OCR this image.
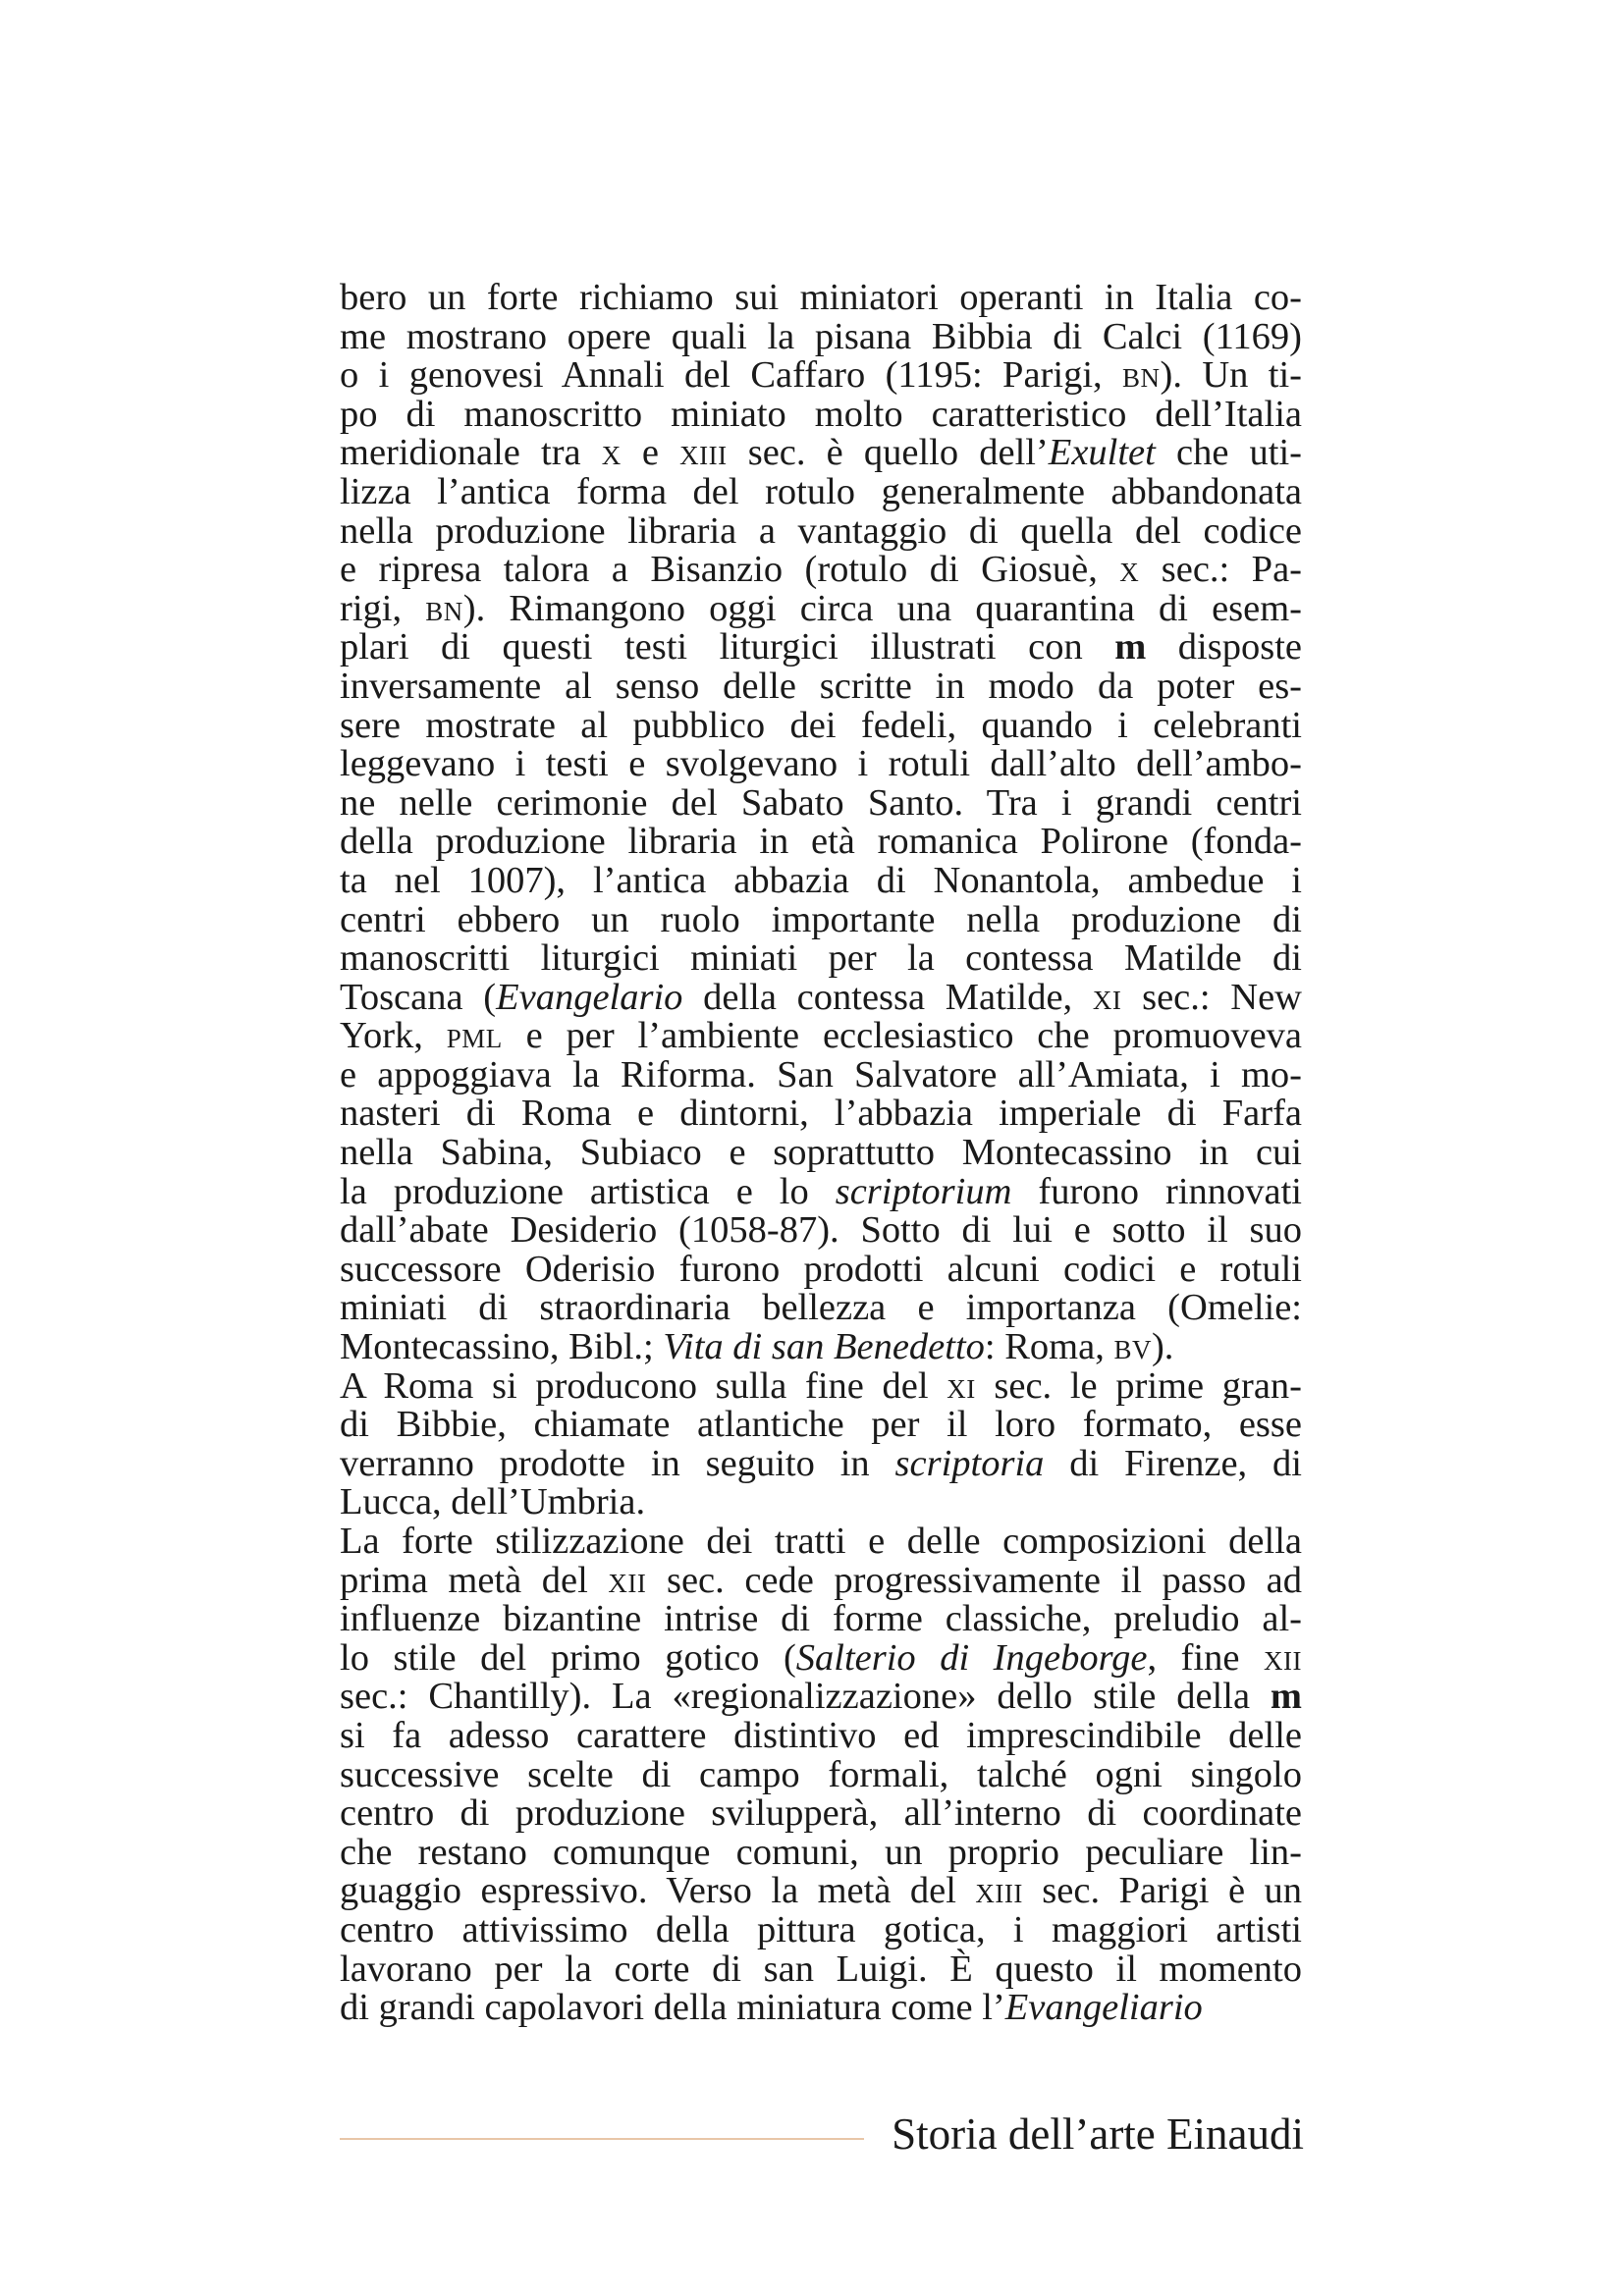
bero un forte richiamo sui miniatori operanti in Italia co-
me mostrano opere quali la pisana Bibbia di Calci (1169)
o i genovesi Annali del Caffaro (1195: Parigi, bn). Un ti-
po di manoscritto miniato molto caratteristico dell’Italia
meridionale tra x e xiii sec. è quello dell’Exultet che uti-
lizza l’antica forma del rotulo generalmente abbandonata
nella produzione libraria a vantaggio di quella del codice
e ripresa talora a Bisanzio (rotulo di Giosuè, x sec.: Pa-
rigi, bn). Rimangono oggi circa una quarantina di esem-
plari di questi testi liturgici illustrati con m disposte
inversamente al senso delle scritte in modo da poter es-
sere mostrate al pubblico dei fedeli, quando i celebranti
leggevano i testi e svolgevano i rotuli dall’alto dell’ambo-
ne nelle cerimonie del Sabato Santo. Tra i grandi centri
della produzione libraria in età romanica Polirone (fonda-
ta nel 1007), l’antica abbazia di Nonantola, ambedue i
centri ebbero un ruolo importante nella produzione di
manoscritti liturgici miniati per la contessa Matilde di
Toscana (Evangelario della contessa Matilde, xi sec.: New
York, pml e per l’ambiente ecclesiastico che promuoveva
e appoggiava la Riforma. San Salvatore all’Amiata, i mo-
nasteri di Roma e dintorni, l’abbazia imperiale di Farfa
nella Sabina, Subiaco e soprattutto Montecassino in cui
la produzione artistica e lo scriptorium furono rinnovati
dall’abate Desiderio (1058-87). Sotto di lui e sotto il suo
successore Oderisio furono prodotti alcuni codici e rotuli
miniati di straordinaria bellezza e importanza (Omelie:
Montecassino, Bibl.; Vita di san Benedetto: Roma, bv).
A Roma si producono sulla fine del xi sec. le prime gran-
di Bibbie, chiamate atlantiche per il loro formato, esse
verranno prodotte in seguito in scriptoria di Firenze, di
Lucca, dell’Umbria.
La forte stilizzazione dei tratti e delle composizioni della
prima metà del xii sec. cede progressivamente il passo ad
influenze bizantine intrise di forme classiche, preludio al-
lo stile del primo gotico (Salterio di Ingeborge, fine xii
sec.: Chantilly). La «regionalizzazione» dello stile della m
si fa adesso carattere distintivo ed imprescindibile delle
successive scelte di campo formali, talché ogni singolo
centro di produzione svilupperà, all’interno di coordinate
che restano comunque comuni, un proprio peculiare lin-
guaggio espressivo. Verso la metà del xiii sec. Parigi è un
centro attivissimo della pittura gotica, i maggiori artisti
lavorano per la corte di san Luigi. È questo il momento
di grandi capolavori della miniatura come l’Evangeliario
Storia dell’arte Einaudi
